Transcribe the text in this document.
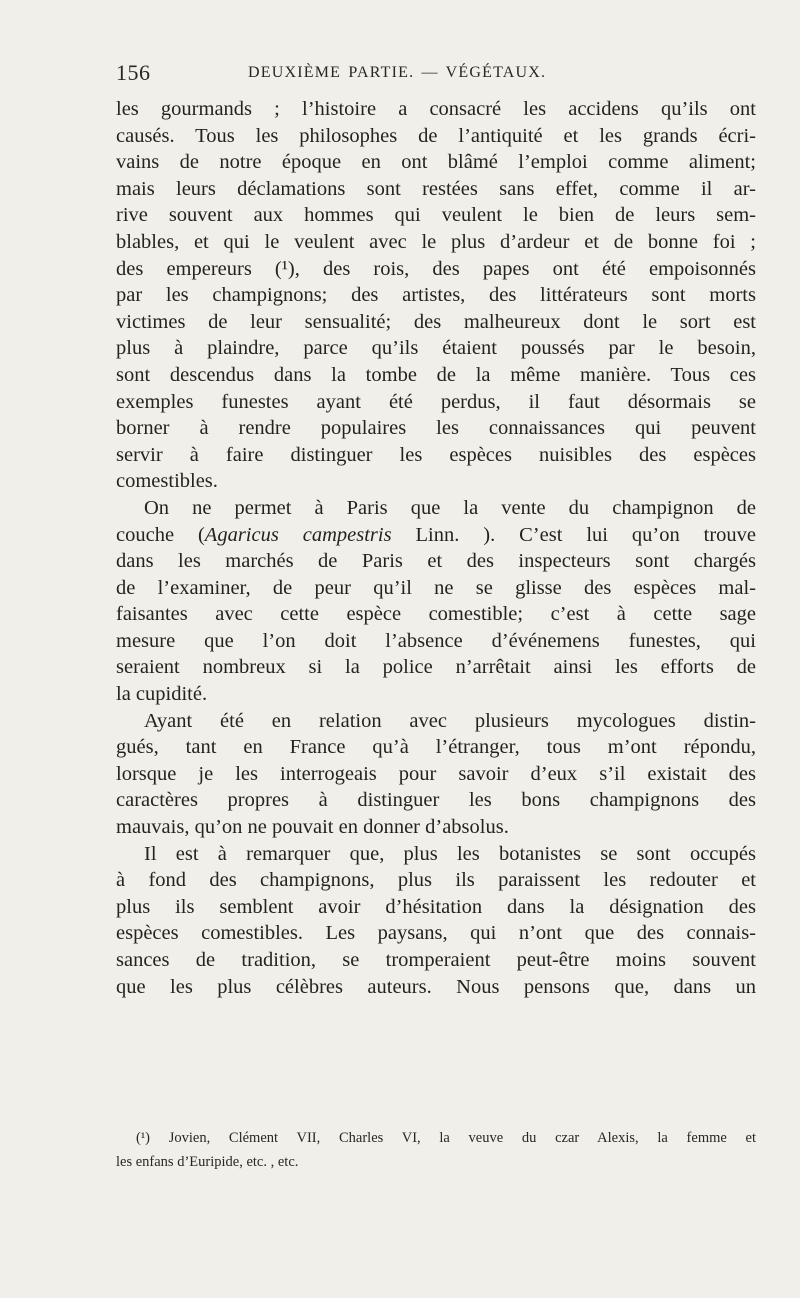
156	DEUXIÈME PARTIE. — VÉGÉTAUX.
les gourmands ; l’histoire a consacré les accidens qu’ils ont
causés. Tous les philosophes de l’antiquité et les grands écri-
vains de notre époque en ont blâmé l’emploi comme aliment;
mais leurs déclamations sont restées sans effet, comme il ar-
rive souvent aux hommes qui veulent le bien de leurs sem-
blables, et qui le veulent avec le plus d’ardeur et de bonne foi ;
des empereurs (¹), des rois, des papes ont été empoisonnés
par les champignons; des artistes, des littérateurs sont morts
victimes de leur sensualité; des malheureux dont le sort est
plus à plaindre, parce qu’ils étaient poussés par le besoin,
sont descendus dans la tombe de la même manière. Tous ces
exemples funestes ayant été perdus, il faut désormais se
borner à rendre populaires les connaissances qui peuvent
servir à faire distinguer les espèces nuisibles des espèces
comestibles.
On ne permet à Paris que la vente du champignon de
couche (Agaricus campestris Linn. ). C’est lui qu’on trouve
dans les marchés de Paris et des inspecteurs sont chargés
de l’examiner, de peur qu’il ne se glisse des espèces mal-
faisantes avec cette espèce comestible; c’est à cette sage
mesure que l’on doit l’absence d’événemens funestes, qui
seraient nombreux si la police n’arrêtait ainsi les efforts de
la cupidité.
Ayant été en relation avec plusieurs mycologues distin-
gués, tant en France qu’à l’étranger, tous m’ont répondu,
lorsque je les interrogeais pour savoir d’eux s’il existait des
caractères propres à distinguer les bons champignons des
mauvais, qu’on ne pouvait en donner d’absolus.
Il est à remarquer que, plus les botanistes se sont occupés
à fond des champignons, plus ils paraissent les redouter et
plus ils semblent avoir d’hésitation dans la désignation des
espèces comestibles. Les paysans, qui n’ont que des connais-
sances de tradition, se tromperaient peut-être moins souvent
que les plus célèbres auteurs. Nous pensons que, dans un
(¹) Jovien, Clément VII, Charles VI, la veuve du czar Alexis, la femme et
les enfans d’Euripide, etc. , etc.
